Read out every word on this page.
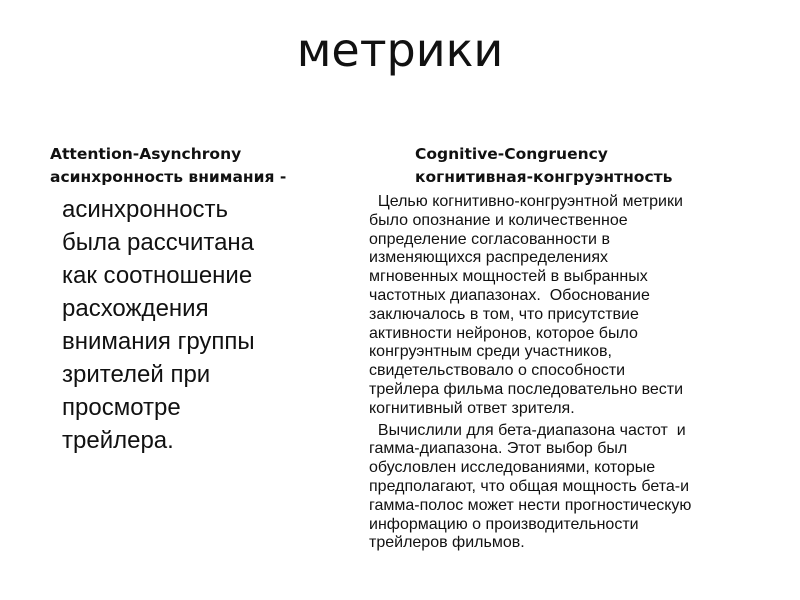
метрики
Attention-Asynchrony
асинхронность внимания -
Cognitive-Congruency
когнитивная-конгруэнтность
асинхронность
была рассчитана
как соотношение
расхождения
внимания группы
зрителей при
просмотре
трейлера.
Целью когнитивно-конгруэнтной метрики
было опознание и количественное
определение согласованности в
изменяющихся распределениях
мгновенных мощностей в выбранных
частотных диапазонах.  Обоснование
заключалось в том, что присутствие
активности нейронов, которое было
конгруэнтным среди участников,
свидетельствовало о способности
трейлера фильма последовательно вести
когнитивный ответ зрителя.
Вычислили для бета-диапазона частот  и
гамма-диапазона. Этот выбор был
обусловлен исследованиями, которые
предполагают, что общая мощность бета-и
гамма-полос может нести прогностическую
информацию о производительности
трейлеров фильмов.
